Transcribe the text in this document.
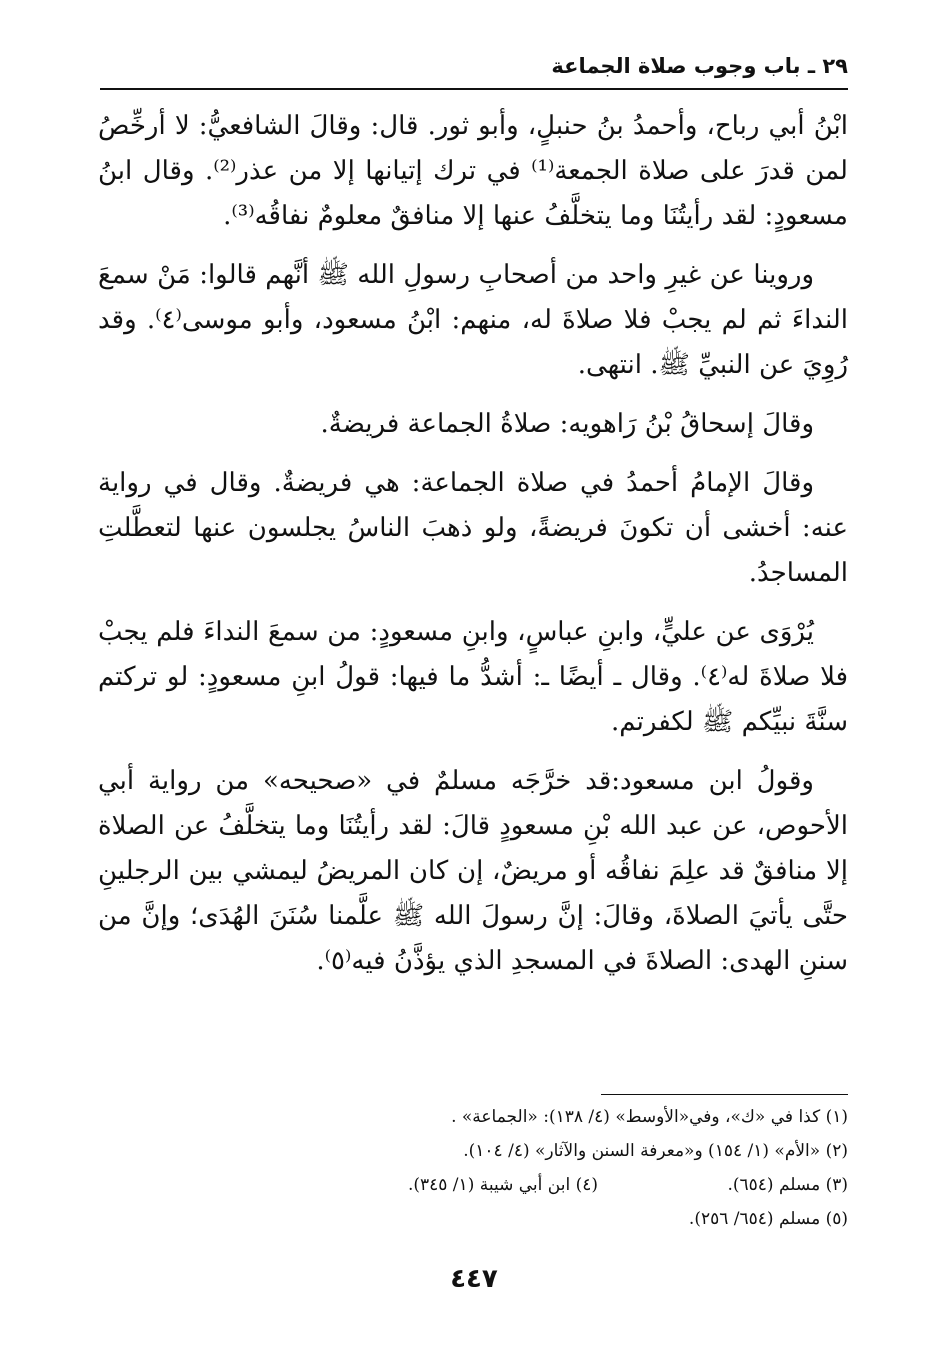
٢٩ ـ باب وجوب صلاة الجماعة

ابْنُ أبي رباح، وأحمدُ بنُ حنبلٍ، وأبو ثور. قال: وقالَ الشافعيُّ: لا أرخِّصُ لمن قدرَ على صلاة الجمعة⁽¹⁾ في ترك إتيانها إلا من عذر⁽²⁾. وقال ابنُ مسعودٍ: لقد رأيتُنَا وما يتخلَّفُ عنها إلا منافقٌ معلومٌ نفاقُه⁽³⁾.

وروينا عن غيرِ واحد من أصحابِ رسولِ الله ﷺ أنَّهم قالوا: مَنْ سمعَ النداءَ ثم لم يجبْ فلا صلاةَ له، منهم: ابْنُ مسعود، وأبو موسى⁽٤⁾. وقد رُوِيَ عن النبيِّ ﷺ. انتهى.

وقالَ إسحاقُ بْنُ رَاهويه: صلاةُ الجماعة فريضةٌ.

وقالَ الإمامُ أحمدُ في صلاة الجماعة: هي فريضةٌ. وقال في رواية عنه: أخشى أن تكونَ فريضةً، ولو ذهبَ الناسُ يجلسون عنها لتعطَّلتِ المساجدُ.

يُرْوَى عن عليٍّ، وابنِ عباسٍ، وابنِ مسعودٍ: من سمعَ النداءَ فلم يجبْ فلا صلاةَ له⁽٤⁾. وقال ـ أيضًا ـ: أشدُّ ما فيها: قولُ ابنِ مسعودٍ: لو تركتم سنَّةَ نبيِّكم ﷺ لكفرتم.

وقولُ ابن مسعود:قد خرَّجَه مسلمٌ في «صحيحه» من رواية أبي الأحوص، عن عبد الله بْنِ مسعودٍ قالَ: لقد رأيتُنَا وما يتخلَّفُ عن الصلاة إلا منافقٌ قد علِمَ نفاقُه أو مريضٌ، إن كان المريضُ ليمشي بين الرجلينِ حتَّى يأتيَ الصلاةَ، وقالَ: إنَّ رسولَ الله ﷺ علَّمنا سُنَنَ الهُدَى؛ وإنَّ من سننِ الهدى: الصلاةَ في المسجدِ الذي يؤذَّنُ فيه⁽٥⁾.

(١) كذا في «ك»، وفي«الأوسط» (٤/ ١٣٨): «الجماعة» .

(٢) «الأم» (١/ ١٥٤) و«معرفة السنن والآثار» (٤/ ١٠٤).

(٣) مسلم (٦٥٤).

(٤) ابن أبي شيبة (١/ ٣٤٥).

(٥) مسلم (٦٥٤/ ٢٥٦).

٤٤٧
